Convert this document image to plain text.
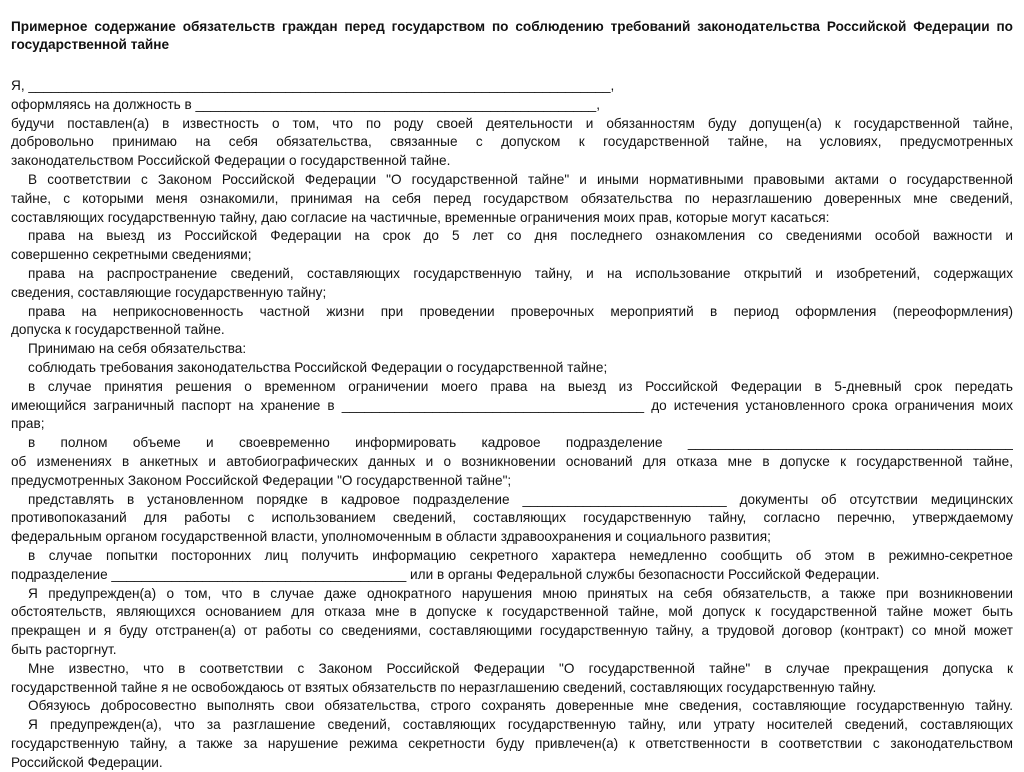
Примерное содержание обязательств граждан перед государством по соблюдению требований законодательства Российской Федерации по государственной тайне

Я, _____________________________________________________________________________,

оформляясь на должность в _____________________________________________________,

будучи поставлен(а) в известность о том, что по роду своей деятельности и обязанностям буду допущен(а) к государственной тайне,

добровольно принимаю на себя обязательства, связанные с допуском к государственной тайне, на условиях, предусмотренных

законодательством Российской Федерации о государственной тайне.

В соответствии с Законом Российской Федерации "О государственной тайне" и иными нормативными правовыми актами о государственной

тайне, с которыми меня ознакомили, принимая на себя перед государством обязательства по неразглашению доверенных мне сведений,

составляющих государственную тайну, даю согласие на частичные, временные ограничения моих прав, которые могут касаться:

права на выезд из Российской Федерации на срок до 5 лет со дня последнего ознакомления со сведениями особой важности и

совершенно секретными сведениями;

права на распространение сведений, составляющих государственную тайну, и на использование открытий и изобретений, содержащих

сведения, составляющие государственную тайну;

права на неприкосновенность частной жизни при проведении проверочных мероприятий в период оформления (переоформления)

допуска к государственной тайне.

Принимаю на себя обязательства:

соблюдать требования законодательства Российской Федерации о государственной тайне;

в случае принятия решения о временном ограничении моего права на выезд из Российской Федерации в 5-дневный срок передать

имеющийся заграничный паспорт на хранение в ________________________________________ до истечения установленного срока ограничения моих

прав;

в полном объеме и своевременно информировать кадровое подразделение ___________________________________________

об изменениях в анкетных и автобиографических данных и о возникновении оснований для отказа мне в допуске к государственной тайне,

предусмотренных Законом Российской Федерации "О государственной тайне";

представлять в установленном порядке в кадровое подразделение ___________________________ документы об отсутствии медицинских

противопоказаний для работы с использованием сведений, составляющих государственную тайну, согласно перечню, утверждаемому

федеральным органом государственной власти, уполномоченным в области здравоохранения и социального развития;

в случае попытки посторонних лиц получить информацию секретного характера немедленно сообщить об этом в режимно-секретное

подразделение _______________________________________ или в органы Федеральной службы безопасности Российской Федерации.

Я предупрежден(а) о том, что в случае даже однократного нарушения мною принятых на себя обязательств, а также при возникновении

обстоятельств, являющихся основанием для отказа мне в допуске к государственной тайне, мой допуск к государственной тайне может быть

прекращен и я буду отстранен(а) от работы со сведениями, составляющими государственную тайну, а трудовой договор (контракт) со мной может

быть расторгнут.

Мне известно, что в соответствии с Законом Российской Федерации "О государственной тайне" в случае прекращения допуска к

государственной тайне я не освобождаюсь от взятых обязательств по неразглашению сведений, составляющих государственную тайну.

Обязуюсь добросовестно выполнять свои обязательства, строго сохранять доверенные мне сведения, составляющие государственную тайну.

Я предупрежден(а), что за разглашение сведений, составляющих государственную тайну, или утрату носителей сведений, составляющих

государственную тайну, а также за нарушение режима секретности буду привлечен(а) к ответственности в соответствии с законодательством

Российской Федерации.
